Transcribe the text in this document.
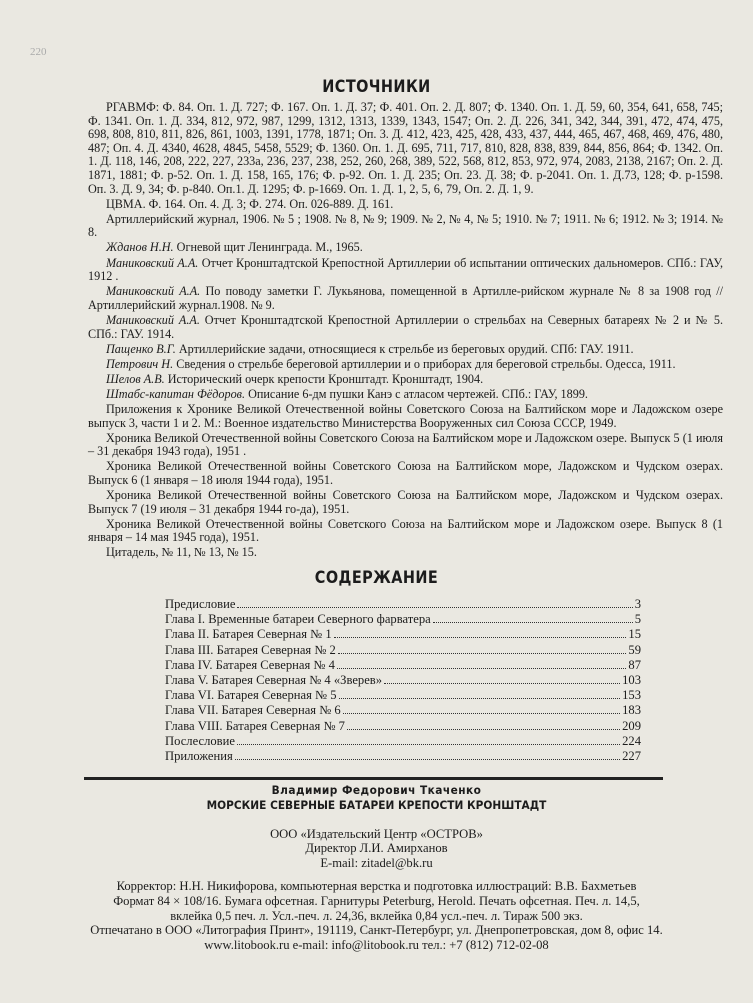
220
ИСТОЧНИКИ

РГАВМФ: Ф. 84. Оп. 1. Д. 727; Ф. 167. Оп. 1. Д. 37; Ф. 401. Оп. 2. Д. 807; Ф. 1340. Оп. 1. Д. 59, 60, 354, 641, 658, 745; Ф. 1341. Оп. 1. Д. 334, 812, 972, 987, 1299, 1312, 1313, 1339, 1343, 1547; Оп. 2. Д. 226, 341, 342, 344, 391, 472, 474, 475, 698, 808, 810, 811, 826, 861, 1003, 1391, 1778, 1871; Оп. 3. Д. 412, 423, 425, 428, 433, 437, 444, 465, 467, 468, 469, 476, 480, 487; Оп. 4. Д. 4340, 4628, 4845, 5458, 5529; Ф. 1360. Оп. 1. Д. 695, 711, 717, 810, 828, 838, 839, 844, 856, 864; Ф. 1342. Оп. 1. Д. 118, 146, 208, 222, 227, 233а, 236, 237, 238, 252, 260, 268, 389, 522, 568, 812, 853, 972, 974, 2083, 2138, 2167; Оп. 2. Д. 1871, 1881; Ф. р-52. Оп. 1. Д. 158, 165, 176; Ф. р-92. Оп. 1. Д. 235; Оп. 23. Д. 38; Ф. р-2041. Оп. 1. Д.73, 128; Ф. р-1598. Оп. 3. Д. 9, 34; Ф. р-840. Оп.1. Д. 1295; Ф. р-1669. Оп. 1. Д. 1, 2, 5, 6, 79, Оп. 2. Д. 1, 9.

ЦВМА. Ф. 164. Оп. 4. Д. 3; Ф. 274. Оп. 026-889. Д. 161.

Артиллерийский журнал, 1906. № 5 ; 1908. № 8, № 9; 1909. № 2, № 4, № 5; 1910. № 7; 1911. № 6; 1912. № 3; 1914. № 8.

Жданов Н.Н. Огневой щит Ленинграда. М., 1965.

Маниковский А.А. Отчет Кронштадтской Крепостной Артиллерии об испытании оптических дальномеров. СПб.: ГАУ, 1912 .

Маниковский А.А. По поводу заметки Г. Лукьянова, помещенной в Артилле-рийском журнале № 8 за 1908 год // Артиллерийский журнал.1908. № 9.

Маниковский А.А. Отчет Кронштадтской Крепостной Артиллерии о стрельбах на Северных батареях № 2 и № 5. СПб.: ГАУ. 1914.

Пащенко В.Г. Артиллерийские задачи, относящиеся к стрельбе из береговых орудий. СПб: ГАУ. 1911.

Петрович Н. Сведения о стрельбе береговой артиллерии и о приборах для береговой стрельбы. Одесса, 1911.

Шелов А.В. Исторический очерк крепости Кронштадт. Кронштадт, 1904.

Штабс-капитан Фёдоров. Описание 6-дм пушки Канэ с атласом чертежей. СПб.: ГАУ, 1899.

Приложения к Хронике Великой Отечественной войны Советского Союза на Балтийском море и Ладожском озере выпуск 3, части 1 и 2. М.: Военное издательство Министерства Вооруженных сил Союза СССР, 1949.

Хроника Великой Отечественной войны Советского Союза на Балтийском море и Ладожском озере. Выпуск 5 (1 июля – 31 декабря 1943 года), 1951 .

Хроника Великой Отечественной войны Советского Союза на Балтийском море, Ладожском и Чудском озерах. Выпуск 6 (1 января – 18 июля 1944 года), 1951.

Хроника Великой Отечественной войны Советского Союза на Балтийском море, Ладожском и Чудском озерах. Выпуск 7 (19 июля – 31 декабря 1944 го-да), 1951.

Хроника Великой Отечественной войны Советского Союза на Балтийском море и Ладожском озере. Выпуск 8 (1 января – 14 мая 1945 года), 1951.

Цитадель, № 11, № 13, № 15.

СОДЕРЖАНИЕ
Предисловие	3
Глава I. Временные батареи Северного фарватера	5
Глава II. Батарея Северная № 1	15
Глава III. Батарея Северная № 2	59
Глава IV. Батарея Северная № 4	87
Глава V. Батарея Северная № 4 «Зверев»	103
Глава VI. Батарея Северная № 5	153
Глава VII. Батарея Северная № 6	183
Глава VIII. Батарея Северная № 7	209
Послесловие	224
Приложения	227
Владимир Федорович Ткаченко
МОРСКИЕ СЕВЕРНЫЕ БАТАРЕИ КРЕПОСТИ КРОНШТАДТ
ООО «Издательский Центр «ОСТРОВ»
Директор Л.И. Амирханов
E-mail: zitadel@bk.ru
Корректор: Н.Н. Никифорова, компьютерная верстка и подготовка иллюстраций: В.В. Бахметьев
Формат 84 × 108/16. Бумага офсетная. Гарнитуры Peterburg, Herold. Печать офсетная. Печ. л. 14,5,
вклейка 0,5 печ. л. Усл.-печ. л. 24,36, вклейка 0,84 усл.-печ. л. Тираж 500 экз.
Отпечатано в ООО «Литография Принт», 191119, Санкт-Петербург, ул. Днепропетровская, дом 8, офис 14.
www.litobook.ru e-mail: info@litobook.ru тел.: +7 (812) 712-02-08
